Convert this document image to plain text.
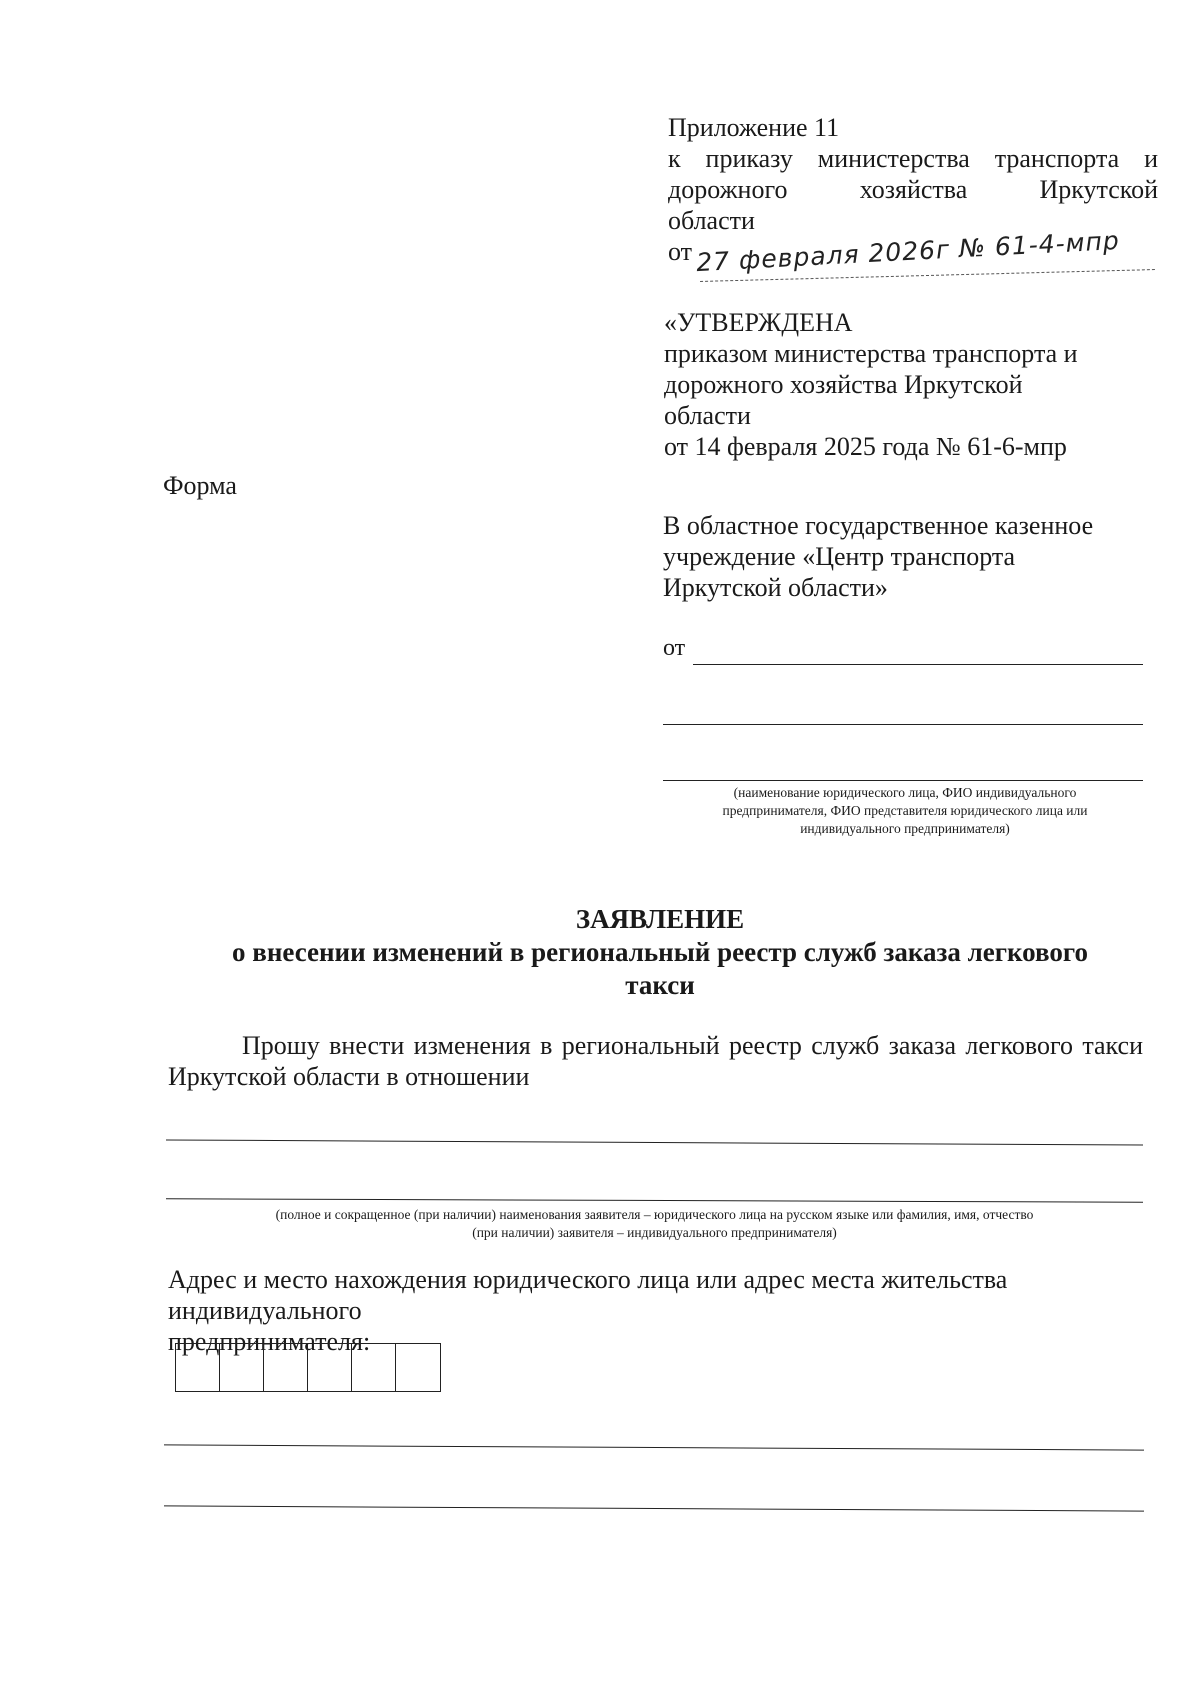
Приложение 11
к приказу министерства транспорта и
дорожного хозяйства Иркутской
области
от 27 февраля 2026г № 61-4-мпр
«УТВЕРЖДЕНА
приказом министерства транспорта и
дорожного хозяйства Иркутской
области
от 14 февраля 2025 года № 61-6-мпр
Форма
В областное государственное казенное
учреждение «Центр транспорта
Иркутской области»
от
(наименование юридического лица, ФИО индивидуального
предпринимателя, ФИО представителя юридического лица или
индивидуального предпринимателя)
ЗАЯВЛЕНИЕ
о внесении изменений в региональный реестр служб заказа легкового
такси
Прошу внести изменения в региональный реестр служб заказа легкового такси
Иркутской области в отношении
(полное и сокращенное (при наличии) наименования заявителя – юридического лица на русском языке или фамилия, имя, отчество
(при наличии) заявителя – индивидуального предпринимателя)
Адрес и место нахождения юридического лица или адрес места жительства индивидуального
предпринимателя:
